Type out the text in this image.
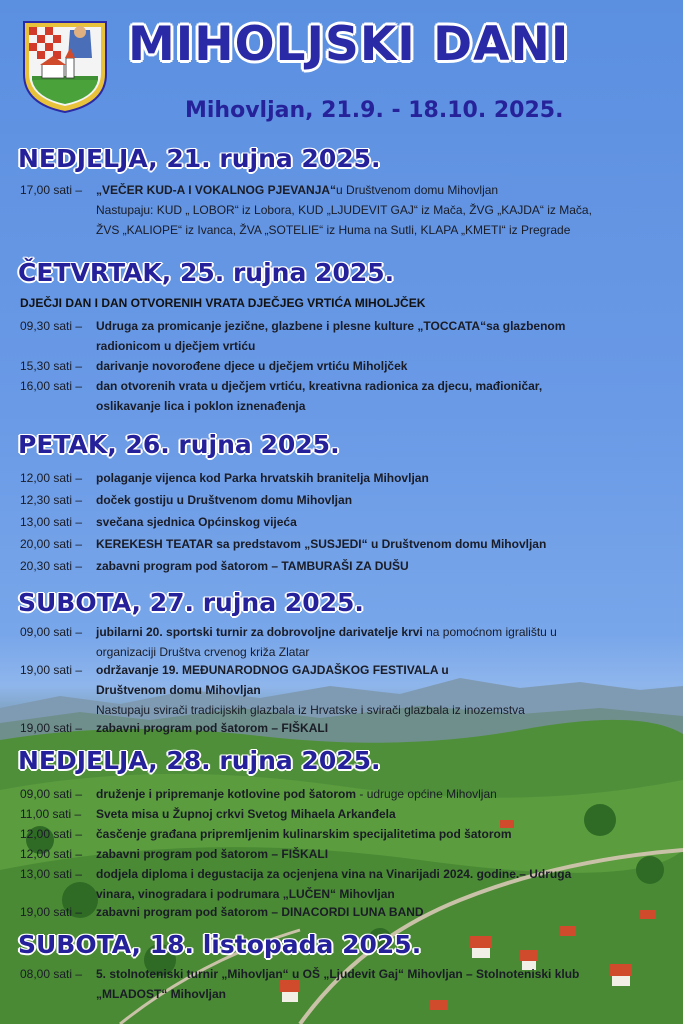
MIHOLJSKI DANI

Mihovljan, 21.9. - 18.10. 2025.

NEDJELJA, 21. rujna 2025.
17,00 sati – „VEČER KUD-A I VOKALNOG PJEVANJA“u Društvenom domu Mihovljan
Nastupaju: KUD „ LOBOR“ iz Lobora, KUD „LJUDEVIT GAJ“ iz Mača, ŽVG „KAJDA“ iz Mača,
ŽVS „KALIOPE“ iz Ivanca, ŽVA „SOTELIE“ iz Huma na Sutli, KLAPA „KMETI“ iz Pregrade
ČETVRTAK, 25. rujna 2025.
DJEČJI DAN I DAN OTVORENIH VRATA DJEČJEG VRTIĆA MIHOLJČEK
09,30 sati – Udruga za promicanje jezične, glazbene i plesne kulture „TOCCATA“sa glazbenom
radionicom u dječjem vrtiću
15,30 sati – darivanje novorođene djece u dječjem vrtiću Miholjček
16,00 sati – dan otvorenih vrata u dječjem vrtiću, kreativna radionica za djecu, mađioničar,
oslikavanje lica i poklon iznenađenja
PETAK, 26. rujna 2025.
12,00 sati – polaganje vijenca kod Parka hrvatskih branitelja Mihovljan
12,30 sati – doček gostiju u Društvenom domu Mihovljan
13,00 sati – svečana sjednica Općinskog vijeća
20,00 sati – KEREKESH TEATAR sa predstavom „SUSJEDI“ u Društvenom domu Mihovljan
20,30 sati – zabavni program pod šatorom – TAMBURAŠI ZA DUŠU
SUBOTA, 27. rujna 2025.
09,00 sati – jubilarni 20. sportski turnir za dobrovoljne darivatelje krvi na pomoćnom igralištu u
organizaciji Društva crvenog križa Zlatar
19,00 sati – održavanje 19. MEĐUNARODNOG GAJDAŠKOG FESTIVALA u
Društvenom domu Mihovljan
Nastupaju svirači tradicijskih glazbala iz Hrvatske i svirači glazbala iz inozemstva
19,00 sati – zabavni program pod šatorom – FIŠKALI
NEDJELJA, 28. rujna 2025.
09,00 sati – druženje i pripremanje kotlovine pod šatorom - udruge općine Mihovljan
11,00 sati – Sveta misa u Župnoj crkvi Svetog Mihaela Arkanđela
12,00 sati – časčenje građana pripremljenim kulinarskim specijalitetima pod šatorom
12,00 sati – zabavni program pod šatorom – FIŠKALI
13,00 sati – dodjela diploma i degustacija za ocjenjena vina na Vinarijadi 2024. godine.– Udruga
vinara, vinogradara i podrumara „LUČEN“ Mihovljan
19,00 sati – zabavni program pod šatorom – DINACORDI LUNA BAND
SUBOTA, 18. listopada 2025.
08,00 sati – 5. stolnoteniski turnir „Mihovljan“ u OŠ „Ljudevit Gaj“ Mihovljan – Stolnoteniski klub
„MLADOST“ Mihovljan
